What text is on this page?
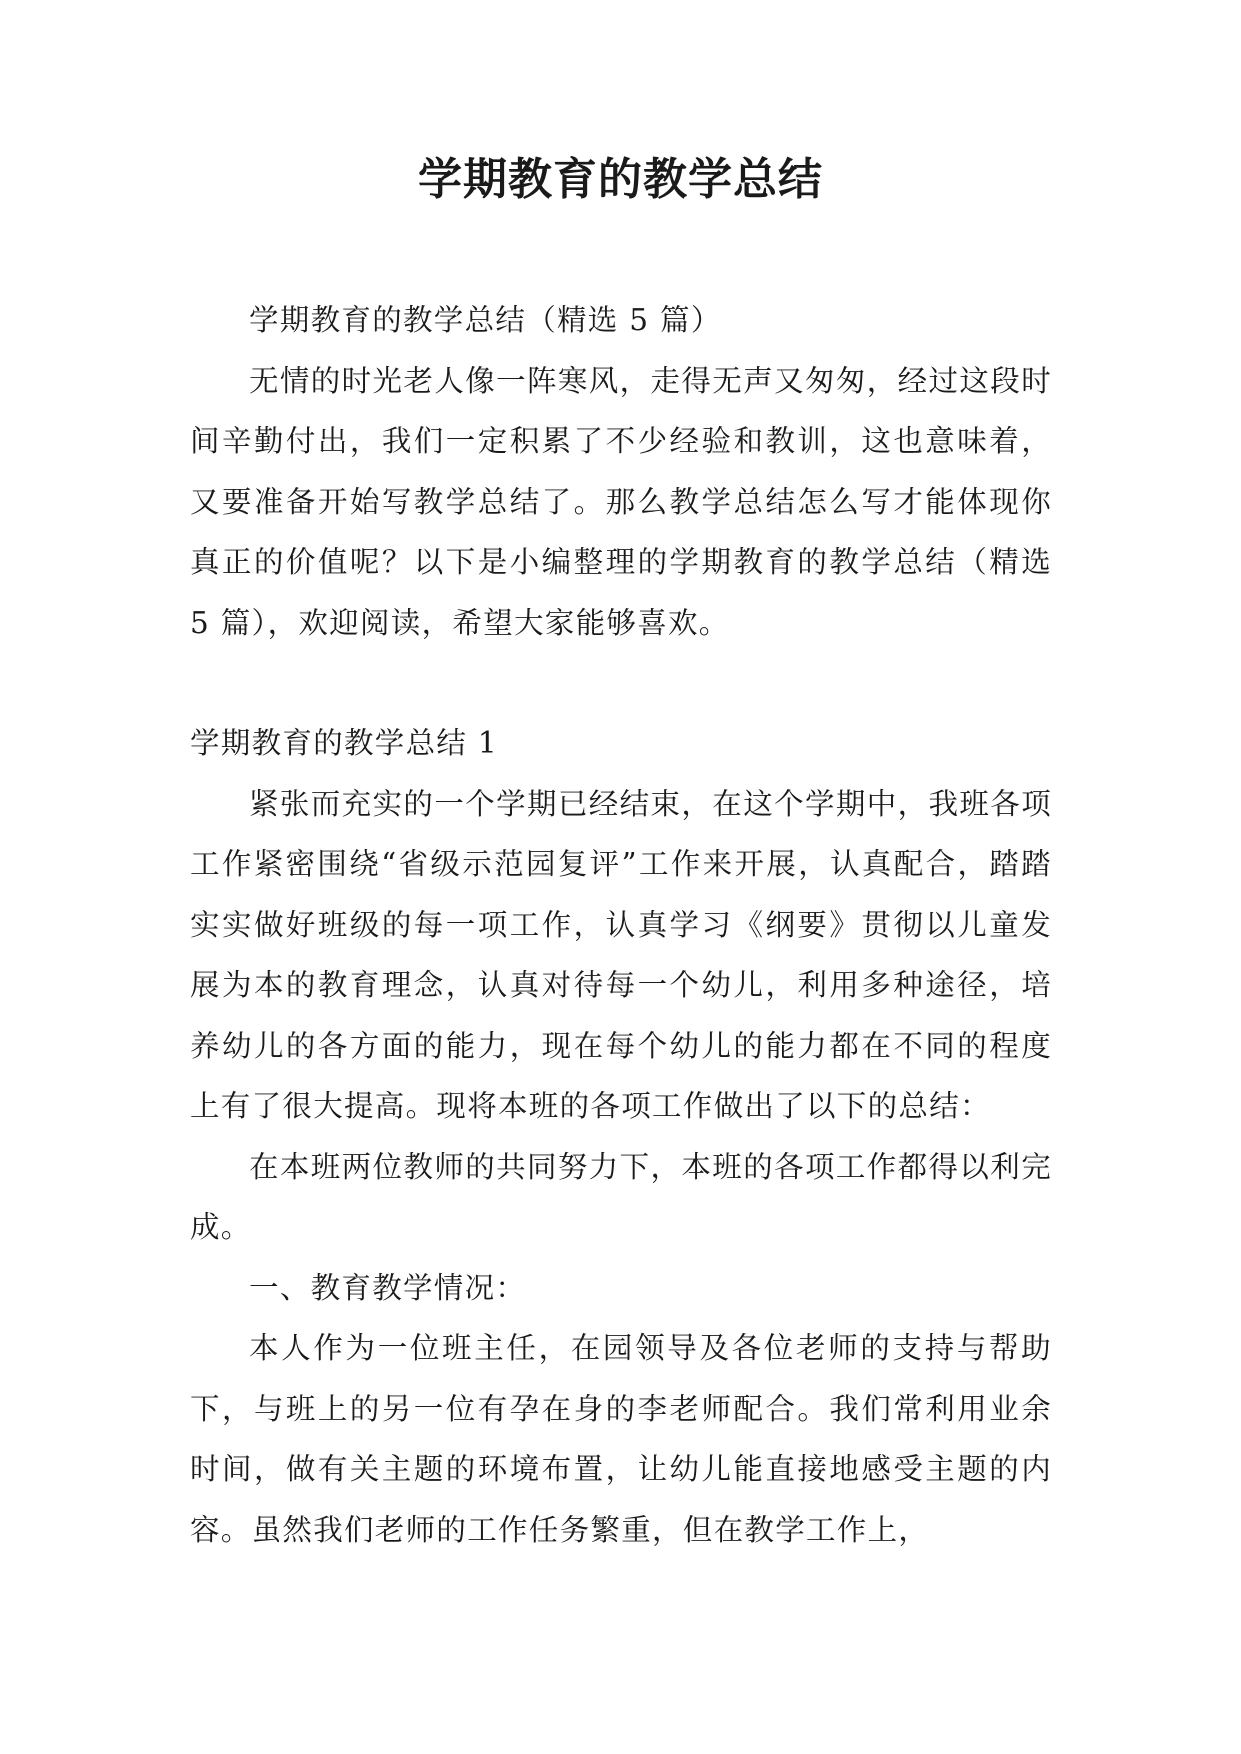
学期教育的教学总结

学期教育的教学总结（精选 5 篇）

无情的时光老人像一阵寒风，走得无声又匆匆，经过这段时间辛勤付出，我们一定积累了不少经验和教训，这也意味着，又要准备开始写教学总结了。那么教学总结怎么写才能体现你真正的价值呢？以下是小编整理的学期教育的教学总结（精选 5 篇），欢迎阅读，希望大家能够喜欢。

学期教育的教学总结 1

紧张而充实的一个学期已经结束，在这个学期中，我班各项工作紧密围绕“省级示范园复评”工作来开展，认真配合，踏踏实实做好班级的每一项工作，认真学习《纲要》贯彻以儿童发展为本的教育理念，认真对待每一个幼儿，利用多种途径，培养幼儿的各方面的能力，现在每个幼儿的能力都在不同的程度上有了很大提高。现将本班的各项工作做出了以下的总结：

在本班两位教师的共同努力下，本班的各项工作都得以利完成。

一、教育教学情况：

本人作为一位班主任，在园领导及各位老师的支持与帮助下，与班上的另一位有孕在身的李老师配合。我们常利用业余时间，做有关主题的环境布置，让幼儿能直接地感受主题的内容。虽然我们老师的工作任务繁重，但在教学工作上，
